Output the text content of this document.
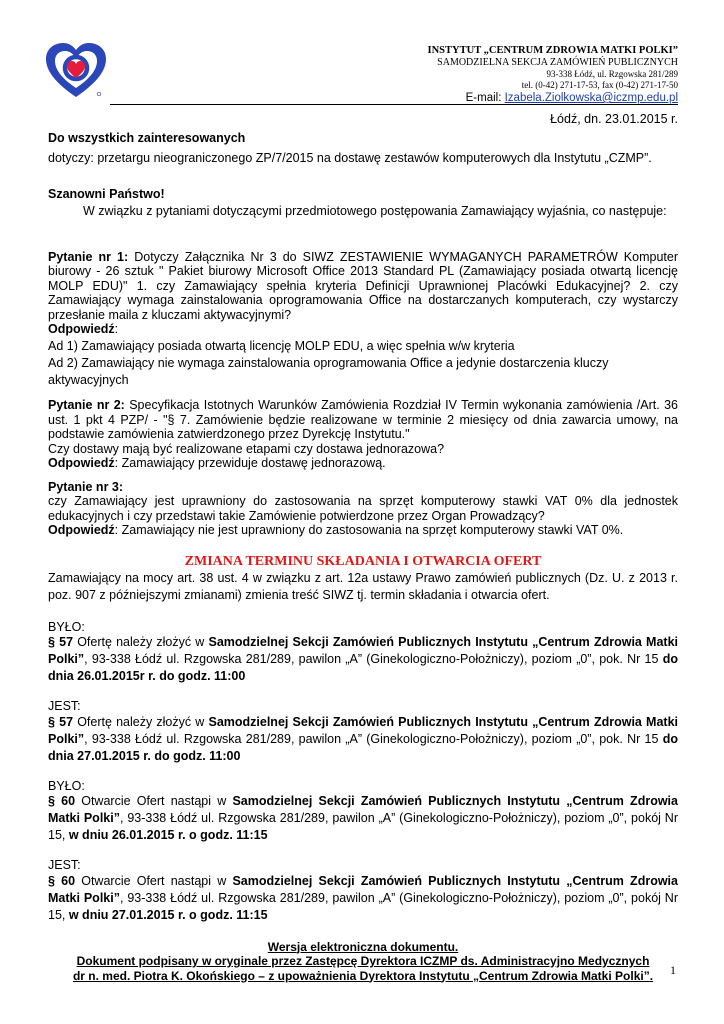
INSTYTUT „CENTRUM ZDROWIA MATKI POLKI”
SAMODZIELNA SEKCJA ZAMÓWIEŃ PUBLICZNYCH
93-338 Łódź, ul. Rzgowska 281/289
tel. (0-42) 271-17-53, fax (0-42) 271-17-50
E-mail: Izabela.Ziolkowska@iczmp.edu.pl

Łódź, dn. 23.01.2015 r.

Do wszystkich zainteresowanych

dotyczy: przetargu nieograniczonego ZP/7/2015 na dostawę zestawów komputerowych dla Instytutu „CZMP”.

Szanowni Państwo!

W związku z pytaniami dotyczącymi przedmiotowego postępowania Zamawiający wyjaśnia, co następuje:

Pytanie nr 1: Dotyczy Załącznika Nr 3 do SIWZ ZESTAWIENIE WYMAGANYCH PARAMETRÓW Komputer biurowy - 26 sztuk " Pakiet biurowy Microsoft Office 2013 Standard PL (Zamawiający posiada otwartą licencję MOLP EDU)" 1. czy Zamawiający spełnia kryteria Definicji Uprawnionej Placówki Edukacyjnej? 2. czy Zamawiający wymaga zainstalowania oprogramowania Office na dostarczanych komputerach, czy wystarczy przesłanie maila z kluczami aktywacyjnymi?

Odpowiedź:

Ad 1) Zamawiający posiada otwartą licencję MOLP EDU, a więc spełnia w/w kryteria

Ad 2) Zamawiający nie wymaga zainstalowania oprogramowania Office a jedynie dostarczenia kluczy aktywacyjnych

Pytanie nr 2: Specyfikacja Istotnych Warunków Zamówienia Rozdział IV Termin wykonania zamówienia /Art. 36 ust. 1 pkt 4 PZP/ - "§ 7. Zamówienie będzie realizowane w terminie 2 miesięcy od dnia zawarcia umowy, na podstawie zamówienia zatwierdzonego przez Dyrekcję Instytutu."

Czy dostawy mają być realizowane etapami czy dostawa jednorazowa?

Odpowiedź: Zamawiający przewiduje dostawę jednorazową.

Pytanie nr 3:

czy Zamawiający jest uprawniony do zastosowania na sprzęt komputerowy stawki VAT 0% dla jednostek edukacyjnych i czy przedstawi takie Zamówienie potwierdzone przez Organ Prowadzący?

Odpowiedź: Zamawiający nie jest uprawniony do zastosowania na sprzęt komputerowy stawki VAT 0%.

ZMIANA TERMINU SKŁADANIA I OTWARCIA OFERT

Zamawiający na mocy art. 38 ust. 4 w związku z art. 12a ustawy Prawo zamówień publicznych (Dz. U. z 2013 r. poz. 907 z późniejszymi zmianami) zmienia treść SIWZ tj. termin składania i otwarcia ofert.

BYŁO:

§ 57 Ofertę należy złożyć w Samodzielnej Sekcji Zamówień Publicznych Instytutu „Centrum Zdrowia Matki Polki”, 93-338 Łódź ul. Rzgowska 281/289, pawilon „A” (Ginekologiczno-Położniczy), poziom „0”, pok. Nr 15 do dnia 26.01.2015r r. do godz. 11:00

JEST:

§ 57 Ofertę należy złożyć w Samodzielnej Sekcji Zamówień Publicznych Instytutu „Centrum Zdrowia Matki Polki”, 93-338 Łódź ul. Rzgowska 281/289, pawilon „A” (Ginekologiczno-Położniczy), poziom „0”, pok. Nr 15 do dnia 27.01.2015 r. do godz. 11:00

BYŁO:

§ 60 Otwarcie Ofert nastąpi w Samodzielnej Sekcji Zamówień Publicznych Instytutu „Centrum Zdrowia Matki Polki”, 93-338 Łódź ul. Rzgowska 281/289, pawilon „A” (Ginekologiczno-Położniczy), poziom „0”, pokój Nr 15, w dniu 26.01.2015 r. o godz. 11:15

JEST:

§ 60 Otwarcie Ofert nastąpi w Samodzielnej Sekcji Zamówień Publicznych Instytutu „Centrum Zdrowia Matki Polki”, 93-338 Łódź ul. Rzgowska 281/289, pawilon „A” (Ginekologiczno-Położniczy), poziom „0”, pokój Nr 15, w dniu 27.01.2015 r. o godz. 11:15

Wersja elektroniczna dokumentu.

Dokument podpisany w oryginale przez Zastępcę Dyrektora ICZMP ds. Administracyjno Medycznych

dr n. med. Piotra K. Okońskiego – z upoważnienia Dyrektora Instytutu „Centrum Zdrowia Matki Polki”.	1
